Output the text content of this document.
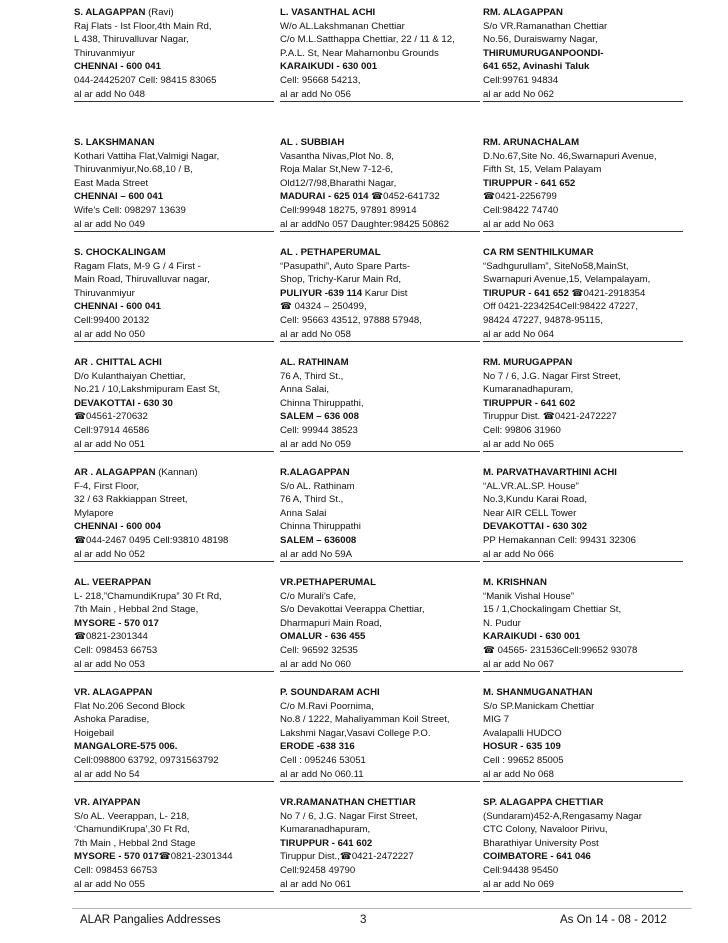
S. ALAGAPPAN (Ravi)
Raj Flats - Ist Floor,4th Main Rd,
L 438, Thiruvalluvar Nagar,
Thiruvanmiyur
CHENNAI - 600 041
044-24425207 Cell: 98415 83065
al ar add No 048
L. VASANTHAL ACHI
W/o AL.Lakshmanan Chettiar
C/o M.L.Satthappa Chettiar, 22 / 11 & 12,
P.A.L. St, Near Maharnonbu Grounds
KARAIKUDI - 630 001
Cell: 95668 54213,
al ar add No 056
RM. ALAGAPPAN
S/o VR.Ramanathan Chettiar
No.56, Duraiswamy Nagar,
THIRUMURUGANPOONDI-
641 652, Avinashi Taluk
Cell:99761 94834
al ar add No 062
S. LAKSHMANAN
Kothari Vattiha Flat,Valmigi Nagar,
Thiruvanmiyur,No.68,10 / B,
East Mada Street
CHENNAI – 600 041
Wife’s Cell: 098297 13639
al ar add No 049
AL . SUBBIAH
Vasantha Nivas,Plot No. 8,
Roja Malar St,New 7-12-6,
Old12/7/98,Bharathi Nagar,
MADURAI - 625 014 ☎0452-641732
Cell:99948 18275, 97891 89914
al ar addNo 057 Daughter:98425 50862
RM. ARUNACHALAM
D.No.67,Site No. 46,Swarnapuri Avenue,
Fifth St, 15, Velam Palayam
TIRUPPUR - 641 652
☎0421-2256799
Cell:98422 74740
al ar add No 063
S. CHOCKALINGAM
Ragam Flats, M-9 G / 4 First -
Main Road, Thiruvalluvar nagar,
Thiruvanmiyur
CHENNAI - 600 041
Cell:99400 20132
al ar add No 050
AL . PETHAPERUMAL
“Pasupathi”, Auto Spare Parts-
Shop, Trichy-Karur Main Rd,
PULIYUR -639 114 Karur Dist
☎ 04324 – 250499,
Cell: 95663 43512, 97888 57948,
al ar add No 058
CA RM SENTHILKUMAR
“Sadhgurullam”, SiteNo58,MainSt,
Swarnapuri Avenue,15, Velampalayam,
TIRUPUR - 641 652 ☎0421-2918354
Off 0421-2234254Cell:98422 47227,
98424 47227, 94878-95115,
al ar add No 064
AR . CHITTAL ACHI
D/o Kulanthaiyan Chettiar,
No.21 / 10,Lakshmipuram East St,
DEVAKOTTAI - 630 30
☎04561-270632
Cell:97914 46586
al ar add No 051
AL. RATHINAM
76 A, Third St.,
Anna Salai,
Chinna Thiruppathi,
SALEM – 636 008
Cell: 99944 38523
al ar add No 059
RM. MURUGAPPAN
No 7 / 6, J.G. Nagar First Street,
Kumaranadhapuram,
TIRUPPUR - 641 602
Tiruppur Dist. ☎0421-2472227
Cell: 99806 31960
al ar add No 065
AR . ALAGAPPAN (Kannan)
F-4, First Floor,
32 / 63 Rakkiappan Street,
Mylapore
CHENNAI - 600 004
☎044-2467 0495 Cell:93810 48198
al ar add No 052
R.ALAGAPPAN
S/o AL. Rathinam
76 A, Third St.,
Anna Salai
Chinna Thiruppathi
SALEM – 636008
al ar add No 59A
M. PARVATHAVARTHINI ACHI
“AL.VR.AL.SP. House”
No.3,Kundu Karai Road,
Near AIR CELL Tower
DEVAKOTTAI - 630 302
PP Hemakannan Cell: 99431 32306
al ar add No 066
AL. VEERAPPAN
L- 218,”ChamundiKrupa” 30 Ft Rd,
7th Main , Hebbal 2nd Stage,
MYSORE - 570 017
☎0821-2301344
Cell: 098453 66753
al ar add No 053
VR.PETHAPERUMAL
C/o Murali’s Cafe,
S/o Devakottai Veerappa Chettiar,
Dharmapuri Main Road,
OMALUR - 636 455
Cell: 96592 32535
al ar add No 060
M. KRISHNAN
“Manik Vishal House”
15 / 1,Chockalingam Chettiar St,
N. Pudur
KARAIKUDI - 630 001
☎ 04565- 231536Cell:99652 93078
al ar add No 067
VR. ALAGAPPAN
Flat No.206 Second Block
Ashoka Paradise,
Hoigebail
MANGALORE-575 006.
Cell:098800 63792, 09731563792
al ar add No 54
P. SOUNDARAM ACHI
C/o M.Ravi Poornima,
No.8 / 1222, Mahaliyamman Koil Street,
Lakshmi Nagar,Vasavi College P.O.
ERODE -638 316
Cell : 095246 53051
al ar add No 060.11
M. SHANMUGANATHAN
S/o SP.Manickam Chettiar
MIG 7
Avalapalli HUDCO
HOSUR - 635 109
Cell : 99652 85005
al ar add No 068
VR. AIYAPPAN
S/o AL. Veerappan, L- 218,
‘ChamundiKrupa’,30 Ft Rd,
7th Main , Hebbal 2nd Stage
MYSORE - 570 017☎0821-2301344
Cell: 098453 66753
al ar add No 055
VR.RAMANATHAN CHETTIAR
No 7 / 6, J.G. Nagar First Street,
Kumaranadhapuram,
TIRUPPUR - 641 602
Tiruppur Dist.,☎0421-2472227
Cell:92458 49790
al ar add No 061
SP. ALAGAPPA CHETTIAR
(Sundaram)452-A,Rengasamy Nagar
CTC Colony, Navaloor Pirivu,
Bharathiyar University Post
COIMBATORE - 641 046
Cell:94438 95450
al ar add No 069
ALAR Pangalies Addresses	3	As On 14 - 08 - 2012
